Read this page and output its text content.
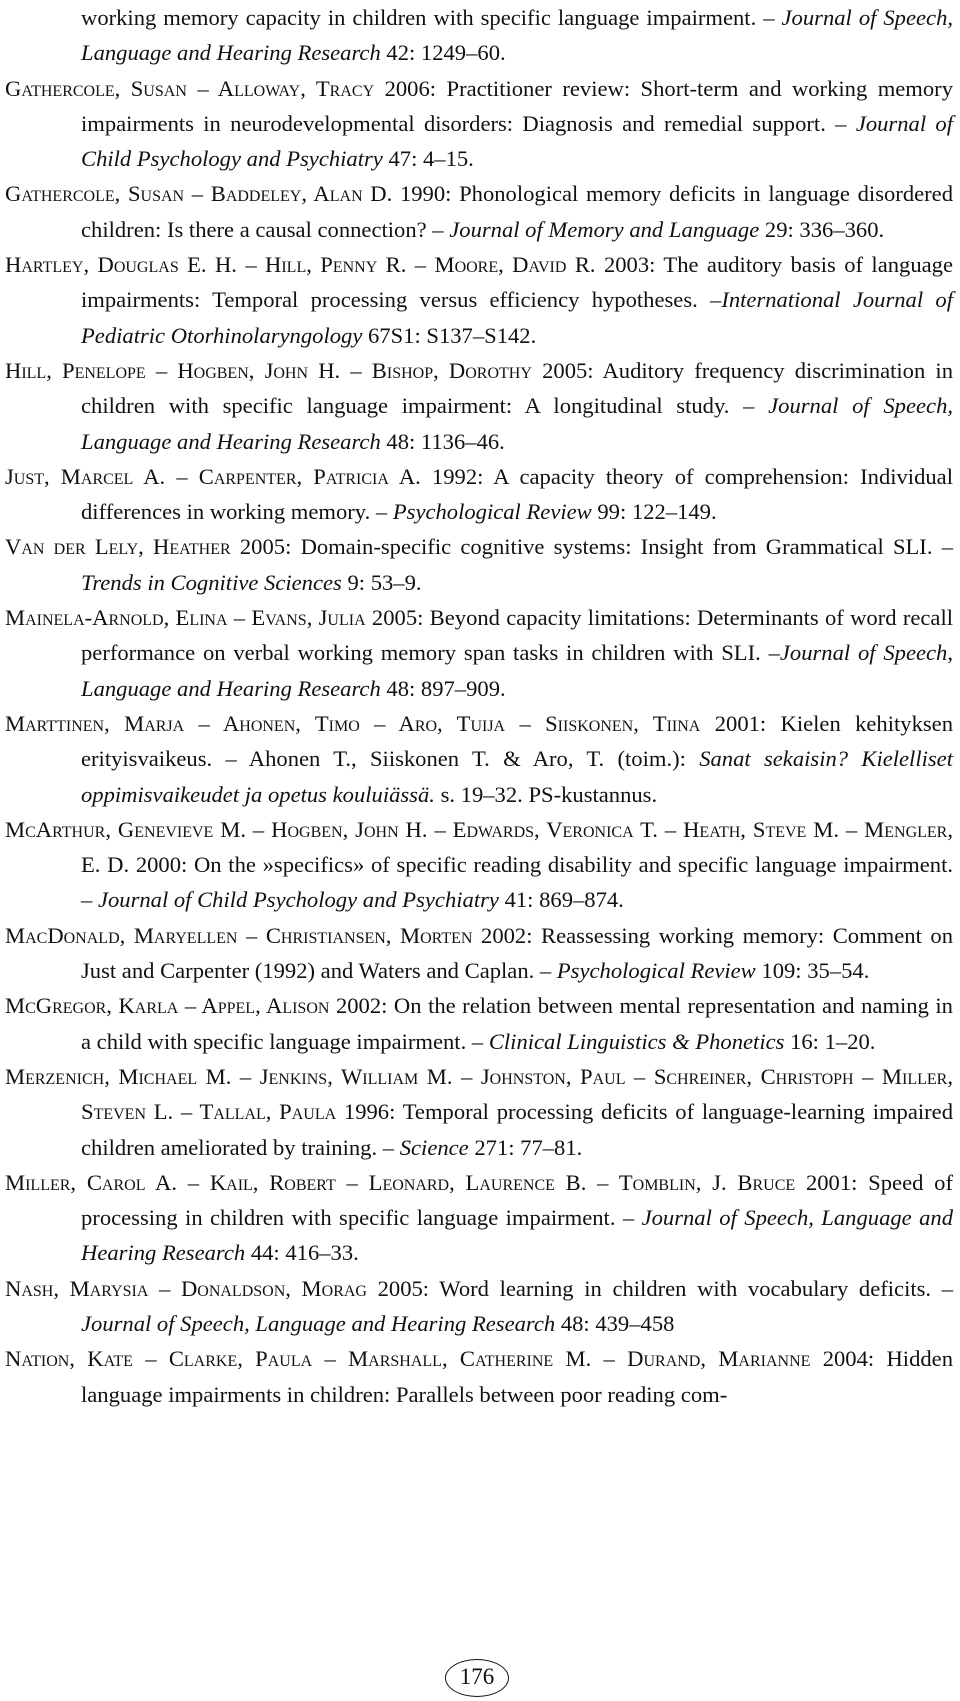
working memory capacity in children with specific language impairment. – Journal of Speech, Language and Hearing Research 42: 1249–60.

Gathercole, Susan – Alloway, Tracy 2006: Practitioner review: Short-term and working memory impairments in neurodevelopmental disorders: Diagnosis and remedial support. – Journal of Child Psychology and Psychiatry 47: 4–15.

Gathercole, Susan – Baddeley, Alan D. 1990: Phonological memory deficits in language disordered children: Is there a causal connection? – Journal of Memory and Language 29: 336–360.

Hartley, Douglas E. H. – Hill, Penny R. – Moore, David R. 2003: The auditory basis of language impairments: Temporal processing versus efficiency hypotheses. –International Journal of Pediatric Otorhinolaryngology 67S1: S137–S142.

Hill, Penelope – Hogben, John H. – Bishop, Dorothy 2005: Auditory frequency discrimination in children with specific language impairment: A longitudinal study. – Journal of Speech, Language and Hearing Research 48: 1136–46.

Just, Marcel A. – Carpenter, Patricia A. 1992: A capacity theory of comprehension: Individual differences in working memory. – Psychological Review 99: 122–149.

Van der Lely, Heather 2005: Domain-specific cognitive systems: Insight from Grammatical SLI. – Trends in Cognitive Sciences 9: 53–9.

Mainela-Arnold, Elina – Evans, Julia 2005: Beyond capacity limitations: Determinants of word recall performance on verbal working memory span tasks in children with SLI. –Journal of Speech, Language and Hearing Research 48: 897–909.

Marttinen, Marja – Ahonen, Timo – Aro, Tuija – Siiskonen, Tiina 2001: Kielen kehityksen erityisvaikeus. – Ahonen T., Siiskonen T. & Aro, T. (toim.): Sanat sekaisin? Kielelliset oppimisvaikeudet ja opetus kouluiässä. s. 19–32. PS-kustannus.

McArthur, Genevieve M. – Hogben, John H. – Edwards, Veronica T. – Heath, Steve M. – Mengler, E. D. 2000: On the »specifics» of specific reading disability and specific language impairment. – Journal of Child Psychology and Psychiatry 41: 869–874.

MacDonald, Maryellen – Christiansen, Morten 2002: Reassessing working memory: Comment on Just and Carpenter (1992) and Waters and Caplan. – Psychological Review 109: 35–54.

McGregor, Karla – Appel, Alison 2002: On the relation between mental representation and naming in a child with specific language impairment. – Clinical Linguistics & Phonetics 16: 1–20.

Merzenich, Michael M. – Jenkins, William M. – Johnston, Paul – Schreiner, Christoph – Miller, Steven L. – Tallal, Paula 1996: Temporal processing deficits of language-learning impaired children ameliorated by training. – Science 271: 77–81.

Miller, Carol A. – Kail, Robert – Leonard, Laurence B. – Tomblin, J. Bruce 2001: Speed of processing in children with specific language impairment. – Journal of Speech, Language and Hearing Research 44: 416–33.

Nash, Marysia – Donaldson, Morag 2005: Word learning in children with vocabulary deficits. – Journal of Speech, Language and Hearing Research 48: 439–458

Nation, Kate – Clarke, Paula – Marshall, Catherine M. – Durand, Marianne 2004: Hidden language impairments in children: Parallels between poor reading com-

176
